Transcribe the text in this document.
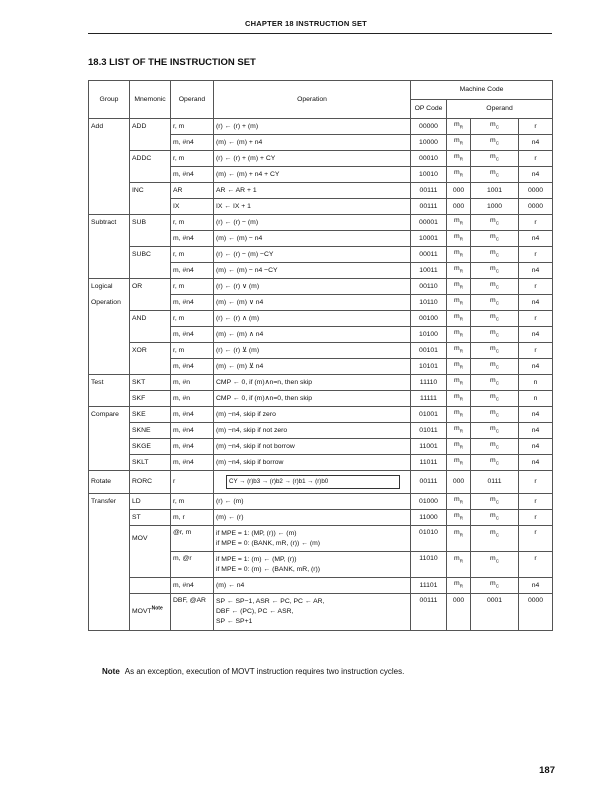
CHAPTER 18 INSTRUCTION SET
18.3 LIST OF THE INSTRUCTION SET
Group	Mnemonic	Operand	Operation	Machine Code			
				OP Code	Operand		
Add	ADD	r, m	(r) ← (r) + (m)	00000	$m_R$	$m_C$	r
		m, #n4	(m) ← (m) + n4	10000	$m_R$	$m_C$	n4
	ADDC	r, m	(r) ← (r) + (m) + CY	00010	$m_R$	$m_C$	r
		m, #n4	(m) ← (m) + n4 + CY	10010	$m_R$	$m_C$	n4
	INC	AR	AR ← AR + 1	00111	000	1001	0000
		IX	IX ← IX + 1	00111	000	1000	0000
Subtract	SUB	r, m	(r) ← (r) − (m)	00001	$m_R$	$m_C$	r
		m, #n4	(m) ← (m) − n4	10001	$m_R$	$m_C$	n4
	SUBC	r, m	(r) ← (r) − (m) −CY	00011	$m_R$	$m_C$	r
		m, #n4	(m) ← (m) − n4 −CY	10011	$m_R$	$m_C$	n4
Logical	OR	r, m	(r) ← (r) ∨ (m)	00110	$m_R$	$m_C$	r
Operation		m, #n4	(m) ← (m) ∨ n4	10110	$m_R$	$m_C$	n4
	AND	r, m	(r) ← (r) ∧ (m)	00100	$m_R$	$m_C$	r
		m, #n4	(m) ← (m) ∧ n4	10100	$m_R$	$m_C$	n4
	XOR	r, m	(r) ← (r) ⊻ (m)	00101	$m_R$	$m_C$	r
		m, #n4	(m) ← (m) ⊻ n4	10101	$m_R$	$m_C$	n4
Test	SKT	m, #n	CMP ← 0, if (m)∧n=n, then skip	11110	$m_R$	$m_C$	n
	SKF	m, #n	CMP ← 0, if (m)∧n=0, then skip	11111	$m_R$	$m_C$	n
Compare	SKE	m, #n4	(m) −n4, skip if zero	01001	$m_R$	$m_C$	n4
	SKNE	m, #n4	(m) −n4, skip if not zero	01011	$m_R$	$m_C$	n4
	SKGE	m, #n4	(m) −n4, skip if not borrow	11001	$m_R$	$m_C$	n4
	SKLT	m, #n4	(m) −n4, skip if borrow	11011	$m_R$	$m_C$	n4
Rotate	RORC	r	CY → (r)b3 → (r)b2 → (r)b1 → (r)b0	00111	000	0111	r
Transfer	LD	r, m	(r) ← (m)	01000	$m_R$	$m_C$	r
	ST	m, r	(m) ← (r)	11000	$m_R$	$m_C$	r
	MOV	@r, m	if MPE = 1: (MP, (r)) ← (m)
if MPE = 0: (BANK, mR, (r)) ← (m)	01010	$m_R$	$m_C$	r
		m, @r	if MPE = 1: (m) ← (MP, (r))
if MPE = 0: (m) ← (BANK, mR, (r))	11010	$m_R$	$m_C$	r
		m, #n4	(m) ← n4	11101	$m_R$	$m_C$	n4
	$MOVT^{Note}$	DBF, @AR	SP ← SP−1, ASR ← PC, PC ← AR,
DBF ← (PC), PC ← ASR,
SP ← SP+1	00111	000	0001	0000
Note As an exception, execution of MOVT instruction requires two instruction cycles.
187
